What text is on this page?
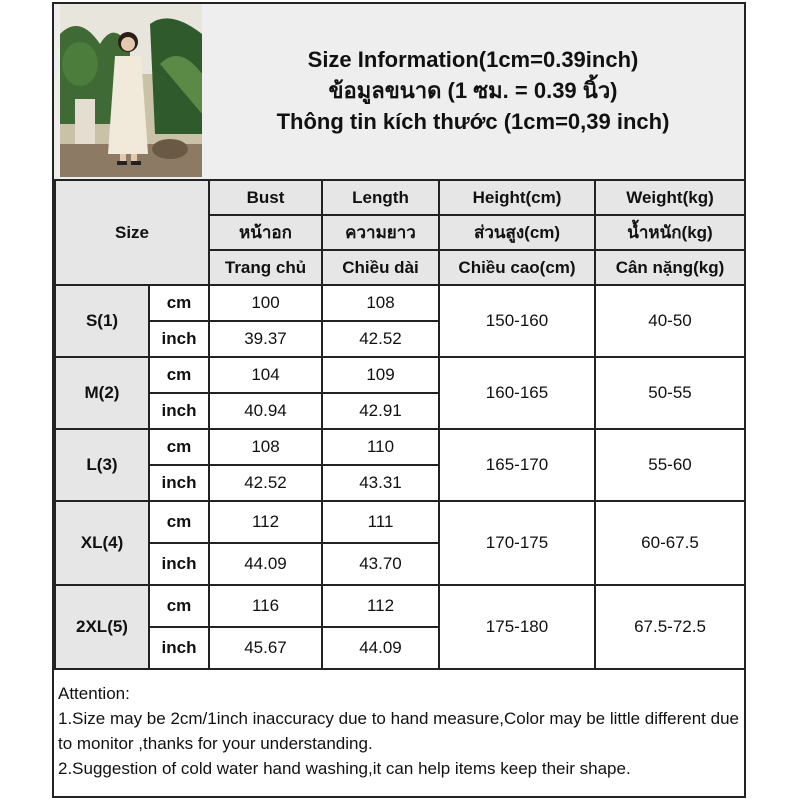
Size Information(1cm=0.39inch)
ข้อมูลขนาด (1 ซม. = 0.39 นิ้ว)
Thông tin kích thước (1cm=0,39 inch)
Size		Bust	Length	Height(cm)	Weight(kg)
		หน้าอก	ความยาว	ส่วนสูง(cm)	น้ำหนัก(kg)
		Trang chủ	Chiều dài	Chiều cao(cm)	Cân nặng(kg)
S(1)	cm	100	108	150-160	40-50
	inch	39.37	42.52		
M(2)	cm	104	109	160-165	50-55
	inch	40.94	42.91		
L(3)	cm	108	110	165-170	55-60
	inch	42.52	43.31		
XL(4)	cm	112	111	170-175	60-67.5
	inch	44.09	43.70		
2XL(5)	cm	116	112	175-180	67.5-72.5
	inch	45.67	44.09		
Attention:
1.Size may be 2cm/1inch inaccuracy due to hand measure,Color may be little different due to monitor ,thanks for your understanding.
2.Suggestion of cold water hand washing,it can help items keep their shape.
